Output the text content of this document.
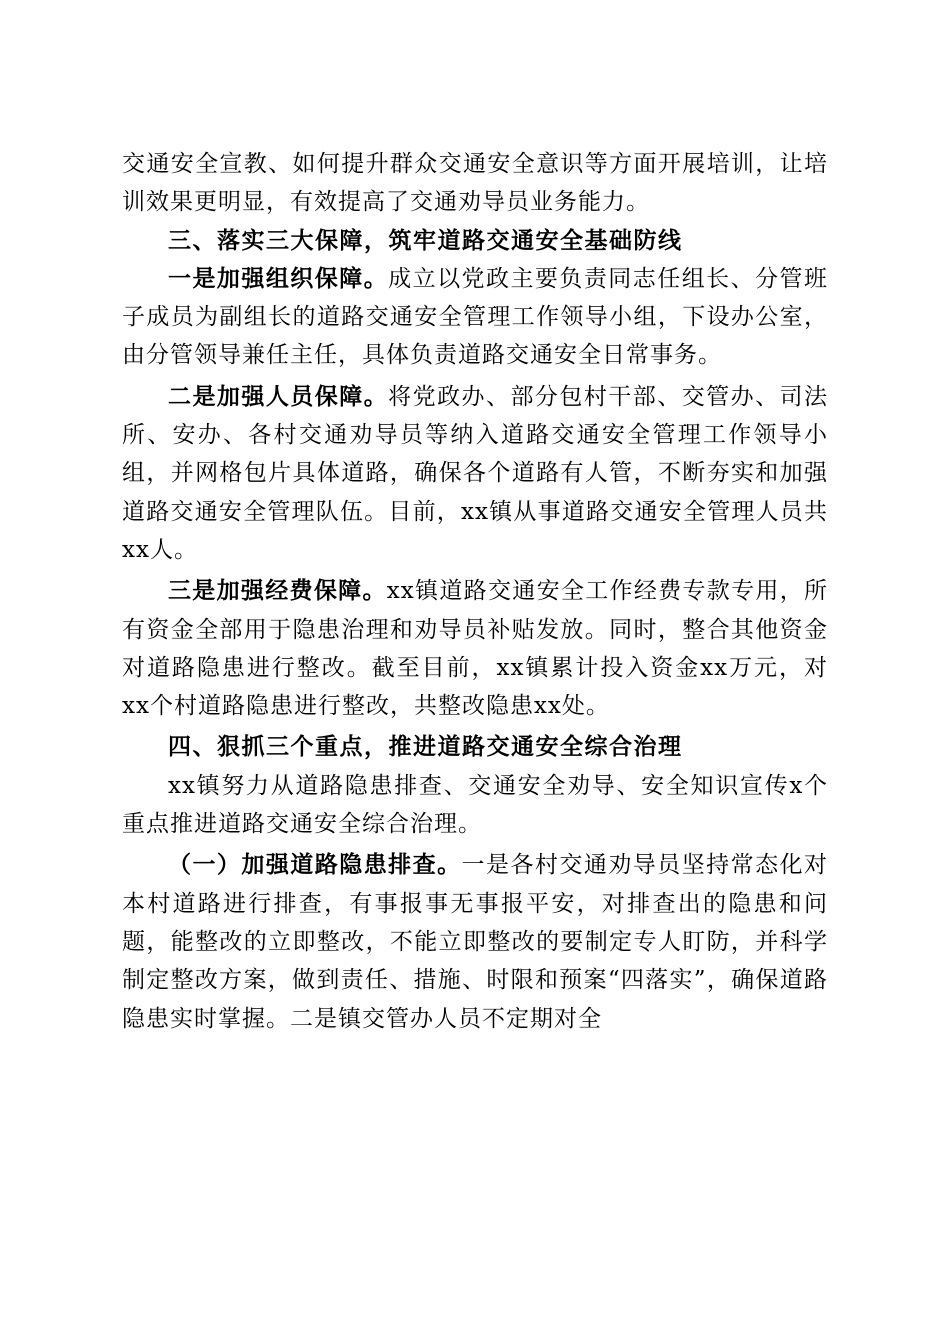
交通安全宣教、如何提升群众交通安全意识等方面开展培训，让培训效果更明显，有效提高了交通劝导员业务能力。

三、落实三大保障，筑牢道路交通安全基础防线

一是加强组织保障。成立以党政主要负责同志任组长、分管班子成员为副组长的道路交通安全管理工作领导小组，下设办公室，由分管领导兼任主任，具体负责道路交通安全日常事务。

二是加强人员保障。将党政办、部分包村干部、交管办、司法所、安办、各村交通劝导员等纳入道路交通安全管理工作领导小组，并网格包片具体道路，确保各个道路有人管，不断夯实和加强道路交通安全管理队伍。目前，xx镇从事道路交通安全管理人员共xx人。

三是加强经费保障。xx镇道路交通安全工作经费专款专用，所有资金全部用于隐患治理和劝导员补贴发放。同时，整合其他资金对道路隐患进行整改。截至目前，xx镇累计投入资金xx万元，对xx个村道路隐患进行整改，共整改隐患xx处。

四、狠抓三个重点，推进道路交通安全综合治理

xx镇努力从道路隐患排查、交通安全劝导、安全知识宣传x个重点推进道路交通安全综合治理。

（一）加强道路隐患排查。一是各村交通劝导员坚持常态化对本村道路进行排查，有事报事无事报平安，对排查出的隐患和问题，能整改的立即整改，不能立即整改的要制定专人盯防，并科学制定整改方案，做到责任、措施、时限和预案“四落实”，确保道路隐患实时掌握。二是镇交管办人员不定期对全
